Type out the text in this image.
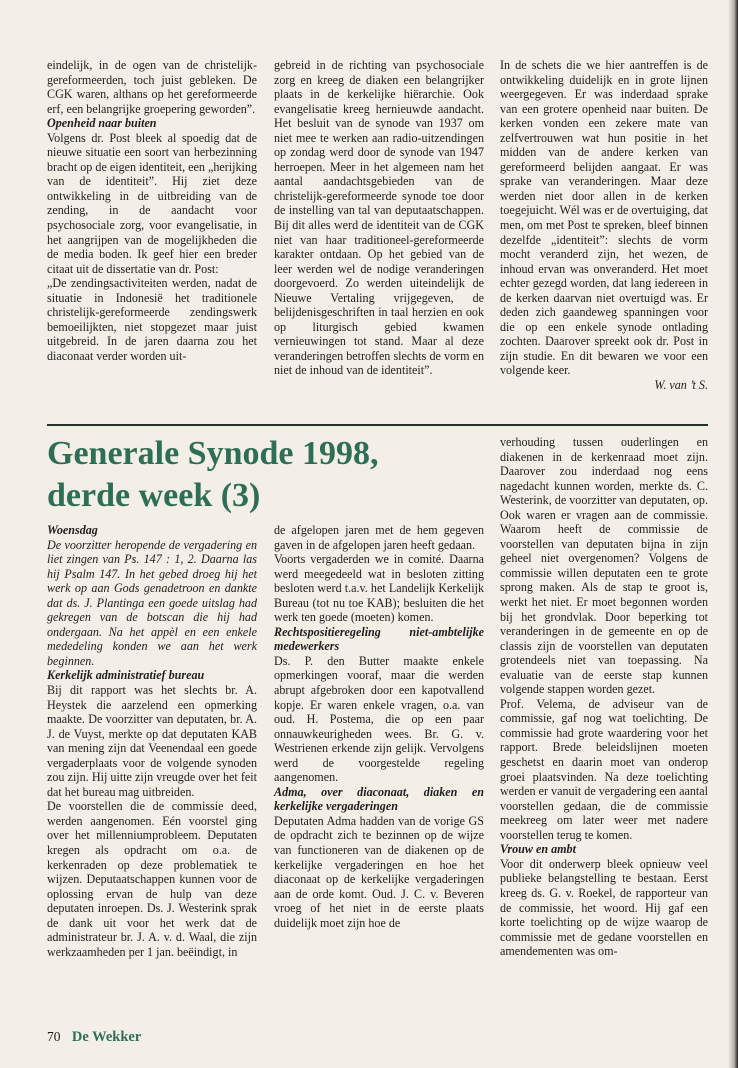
eindelijk, in de ogen van de christelijk-gereformeerden, toch juist gebleken. De CGK waren, althans op het gereformeerde erf, een belangrijke groepering geworden”.

Openheid naar buiten

Volgens dr. Post bleek al spoedig dat de nieuwe situatie een soort van herbezinning bracht op de eigen identiteit, een „herijking van de identiteit”. Hij ziet deze ontwikkeling in de uitbreiding van de zending, in de aandacht voor psychosociale zorg, voor evangelisatie, in het aangrijpen van de mogelijkheden die de media boden. Ik geef hier een breder citaat uit de dissertatie van dr. Post:

„De zendingsactiviteiten werden, nadat de situatie in Indonesië het traditionele christelijk-gereformeerde zendingswerk bemoeilijkten, niet stopgezet maar juist uitgebreid. In de jaren daarna zou het diaconaat verder worden uit-

gebreid in de richting van psychosociale zorg en kreeg de diaken een belangrijker plaats in de kerkelijke hiërarchie. Ook evangelisatie kreeg hernieuwde aandacht. Het besluit van de synode van 1937 om niet mee te werken aan radio-uitzendingen op zondag werd door de synode van 1947 herroepen. Meer in het algemeen nam het aantal aandachtsgebieden van de christelijk-gereformeerde synode toe door de instelling van tal van deputaatschappen. Bij dit alles werd de identiteit van de CGK niet van haar traditioneel-gereformeerde karakter ontdaan. Op het gebied van de leer werden wel de nodige veranderingen doorgevoerd. Zo werden uiteindelijk de Nieuwe Vertaling vrijgegeven, de belijdenisgeschriften in taal herzien en ook op liturgisch gebied kwamen vernieuwingen tot stand. Maar al deze veranderingen betroffen slechts de vorm en niet de inhoud van de identiteit”.

In de schets die we hier aantreffen is de ontwikkeling duidelijk en in grote lijnen weergegeven. Er was inderdaad sprake van een grotere openheid naar buiten. De kerken vonden een zekere mate van zelfvertrouwen wat hun positie in het midden van de andere kerken van gereformeerd belijden aangaat. Er was sprake van veranderingen. Maar deze werden niet door allen in de kerken toegejuicht. Wél was er de overtuiging, dat men, om met Post te spreken, bleef binnen dezelfde „identiteit”: slechts de vorm mocht veranderd zijn, het wezen, de inhoud ervan was onveranderd. Het moet echter gezegd worden, dat lang iedereen in de kerken daarvan niet overtuigd was. Er deden zich gaandeweg spanningen voor die op een enkele synode ontlading zochten. Daarover spreekt ook dr. Post in zijn studie. En dit bewaren we voor een volgende keer.

W. van ’t S.

Generale Synode 1998,
derde week (3)

Woensdag

De voorzitter heropende de vergadering en liet zingen van Ps. 147 : 1, 2. Daarna las hij Psalm 147. In het gebed droeg hij het werk op aan Gods genadetroon en dankte dat ds. J. Plantinga een goede uitslag had gekregen van de botscan die hij had ondergaan. Na het appèl en een enkele mededeling konden we aan het werk beginnen.

Kerkelijk administratief bureau

Bij dit rapport was het slechts br. A. Heystek die aarzelend een opmerking maakte. De voorzitter van deputaten, br. A. J. de Vuyst, merkte op dat deputaten KAB van mening zijn dat Veenendaal een goede vergaderplaats voor de volgende synoden zou zijn. Hij uitte zijn vreugde over het feit dat het bureau mag uitbreiden.

De voorstellen die de commissie deed, werden aangenomen. Eén voorstel ging over het millenniumprobleem. Deputaten kregen als opdracht om o.a. de kerkenraden op deze problematiek te wijzen. Deputaatschappen kunnen voor de oplossing ervan de hulp van deze deputaten inroepen. Ds. J. Westerink sprak de dank uit voor het werk dat de administrateur br. J. A. v. d. Waal, die zijn werkzaamheden per 1 jan. beëindigt, in

de afgelopen jaren met de hem gegeven gaven in de afgelopen jaren heeft gedaan.

Voorts vergaderden we in comité. Daarna werd meegedeeld wat in besloten zitting besloten werd t.a.v. het Landelijk Kerkelijk Bureau (tot nu toe KAB); besluiten die het werk ten goede (moeten) komen.

Rechtspositieregeling niet-ambtelijke medewerkers

Ds. P. den Butter maakte enkele opmerkingen vooraf, maar die werden abrupt afgebroken door een kapotvallend kopje. Er waren enkele vragen, o.a. van oud. H. Postema, die op een paar onnauwkeurigheden wees. Br. G. v. Westrienen erkende zijn gelijk. Vervolgens werd de voorgestelde regeling aangenomen.

Adma, over diaconaat, diaken en kerkelijke vergaderingen

Deputaten Adma hadden van de vorige GS de opdracht zich te bezinnen op de wijze van functioneren van de diakenen op de kerkelijke vergaderingen en hoe het diaconaat op de kerkelijke vergaderingen aan de orde komt. Oud. J. C. v. Beveren vroeg of het niet in de eerste plaats duidelijk moet zijn hoe de

verhouding tussen ouderlingen en diakenen in de kerkenraad moet zijn. Daarover zou inderdaad nog eens nagedacht kunnen worden, merkte ds. C. Westerink, de voorzitter van deputaten, op. Ook waren er vragen aan de commissie. Waarom heeft de commissie de voorstellen van deputaten bijna in zijn geheel niet overgenomen? Volgens de commissie willen deputaten een te grote sprong maken. Als de stap te groot is, werkt het niet. Er moet begonnen worden bij het grondvlak. Door beperking tot veranderingen in de gemeente en op de classis zijn de voorstellen van deputaten grotendeels niet van toepassing. Na evaluatie van de eerste stap kunnen volgende stappen worden gezet.

Prof. Velema, de adviseur van de commissie, gaf nog wat toelichting. De commissie had grote waardering voor het rapport. Brede beleidslijnen moeten geschetst en daarin moet van onderop groei plaatsvinden. Na deze toelichting werden er vanuit de vergadering een aantal voorstellen gedaan, die de commissie meekreeg om later weer met nadere voorstellen terug te komen.

Vrouw en ambt

Voor dit onderwerp bleek opnieuw veel publieke belangstelling te bestaan. Eerst kreeg ds. G. v. Roekel, de rapporteur van de commissie, het woord. Hij gaf een korte toelichting op de wijze waarop de commissie met de gedane voorstellen en amendementen was om-

70 De Wekker
